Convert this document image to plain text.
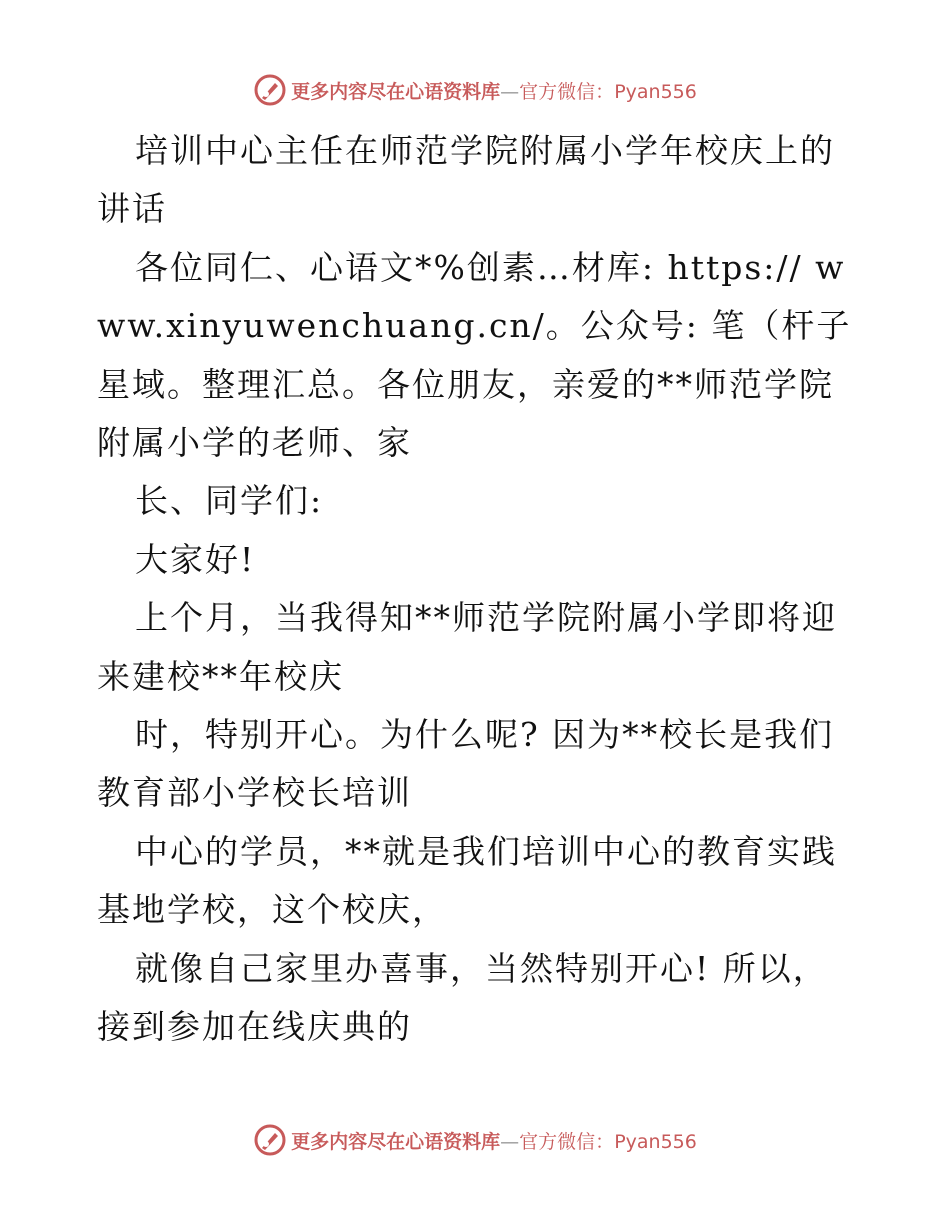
更多内容尽在心语资料库—官方微信：Pyan556

培训中心主任在师范学院附属小学年校庆上的讲话

各位同仁、心语文*%创素…材库: https:// www.xinyuwenchuang.cn/。公众号: 笔（杆子星域。整理汇总。各位朋友，亲爱的**师范学院附属小学的老师、家

长、同学们:

大家好!

上个月，当我得知**师范学院附属小学即将迎来建校**年校庆

时，特别开心。为什么呢? 因为**校长是我们教育部小学校长培训

中心的学员，**就是我们培训中心的教育实践基地学校，这个校庆，

就像自己家里办喜事，当然特别开心! 所以，接到参加在线庆典的

更多内容尽在心语资料库—官方微信：Pyan556
